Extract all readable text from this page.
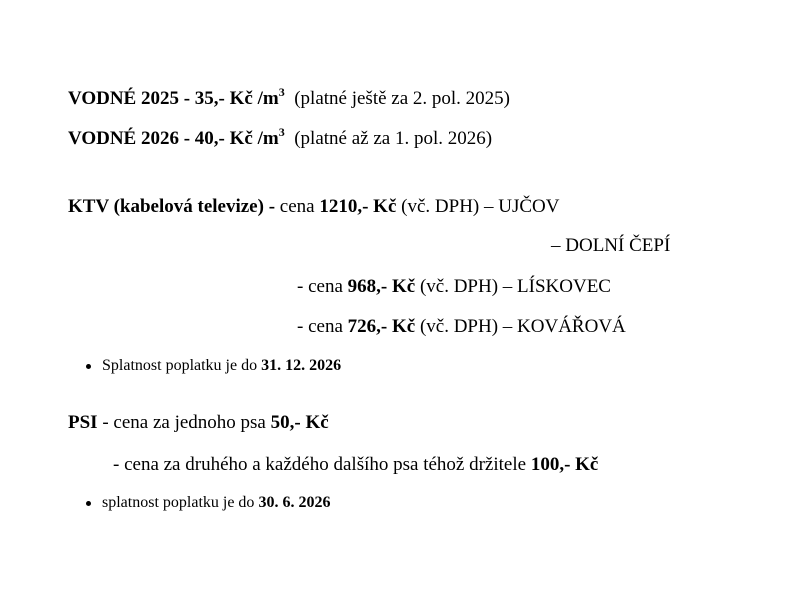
VODNÉ 2025 - 35,- Kč $/m^3$ (platné ještě za 2. pol. 2025)
VODNÉ 2026 - 40,- Kč $/m^3$ (platné až za 1. pol. 2026)
KTV (kabelová televize) - cena 1210,- Kč (vč. DPH) – UJČOV
– DOLNÍ ČEPÍ
- cena 968,- Kč (vč. DPH) – LÍSKOVEC
- cena 726,- Kč (vč. DPH) – KOVÁŘOVÁ
Splatnost poplatku je do 31. 12. 2026
PSI - cena za jednoho psa 50,- Kč
- cena za druhého a každého dalšího psa téhož držitele 100,- Kč
splatnost poplatku je do 30. 6. 2026
